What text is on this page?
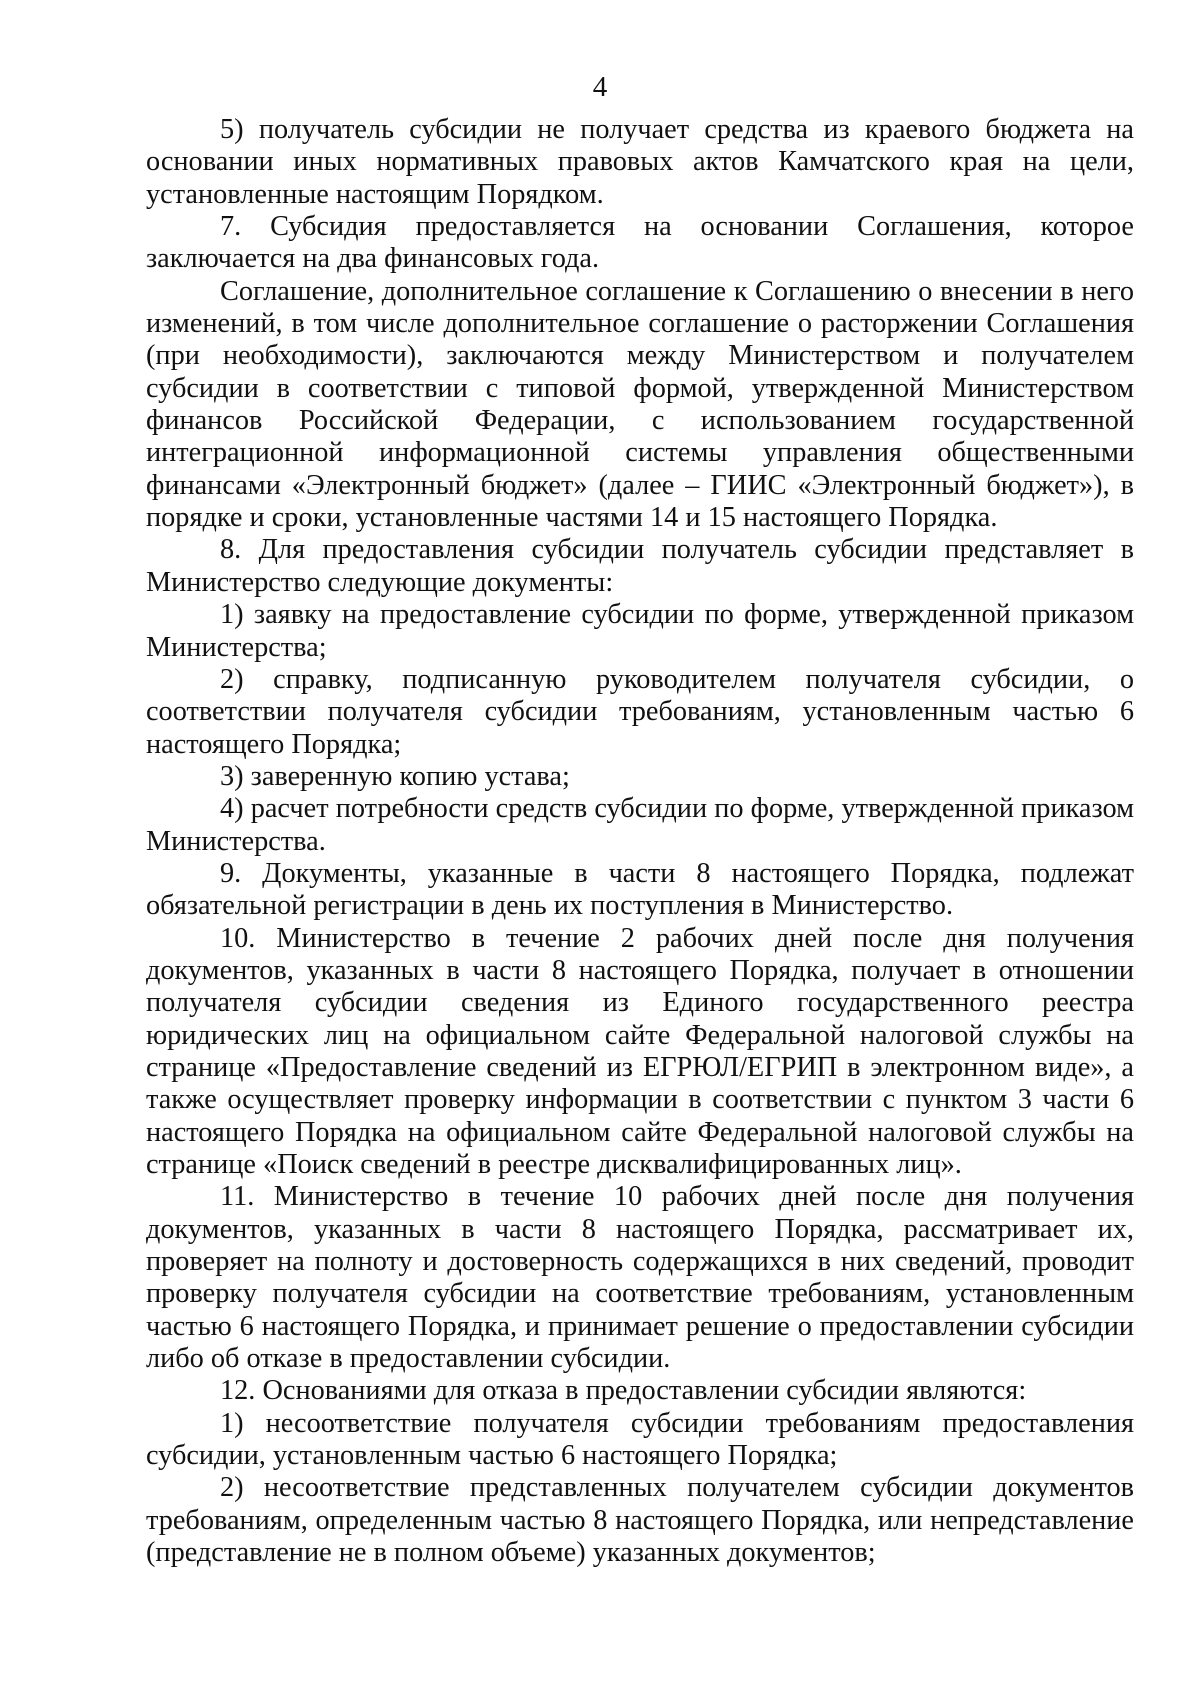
4

5) получатель субсидии не получает средства из краевого бюджета на основании иных нормативных правовых актов Камчатского края на цели, установленные настоящим Порядком.

7. Субсидия предоставляется на основании Соглашения, которое заключается на два финансовых года.

Соглашение, дополнительное соглашение к Соглашению о внесении в него изменений, в том числе дополнительное соглашение о расторжении Соглашения (при необходимости), заключаются между Министерством и получателем субсидии в соответствии с типовой формой, утвержденной Министерством финансов Российской Федерации, с использованием государственной интеграционной информационной системы управления общественными финансами «Электронный бюджет» (далее – ГИИС «Электронный бюджет»), в порядке и сроки, установленные частями 14 и 15 настоящего Порядка.

8. Для предоставления субсидии получатель субсидии представляет в Министерство следующие документы:

1) заявку на предоставление субсидии по форме, утвержденной приказом Министерства;

2) справку, подписанную руководителем получателя субсидии, о соответствии получателя субсидии требованиям, установленным частью 6 настоящего Порядка;

3) заверенную копию устава;

4) расчет потребности средств субсидии по форме, утвержденной приказом Министерства.

9. Документы, указанные в части 8 настоящего Порядка, подлежат обязательной регистрации в день их поступления в Министерство.

10. Министерство в течение 2 рабочих дней после дня получения документов, указанных в части 8 настоящего Порядка, получает в отношении получателя субсидии сведения из Единого государственного реестра юридических лиц на официальном сайте Федеральной налоговой службы на странице «Предоставление сведений из ЕГРЮЛ/ЕГРИП в электронном виде», а также осуществляет проверку информации в соответствии с пунктом 3 части 6 настоящего Порядка на официальном сайте Федеральной налоговой службы на странице «Поиск сведений в реестре дисквалифицированных лиц».

11. Министерство в течение 10 рабочих дней после дня получения документов, указанных в части 8 настоящего Порядка, рассматривает их, проверяет на полноту и достоверность содержащихся в них сведений, проводит проверку получателя субсидии на соответствие требованиям, установленным частью 6 настоящего Порядка, и принимает решение о предоставлении субсидии либо об отказе в предоставлении субсидии.

12. Основаниями для отказа в предоставлении субсидии являются:

1) несоответствие получателя субсидии требованиям предоставления субсидии, установленным частью 6 настоящего Порядка;

2) несоответствие представленных получателем субсидии документов требованиям, определенным частью 8 настоящего Порядка, или непредставление (представление не в полном объеме) указанных документов;
